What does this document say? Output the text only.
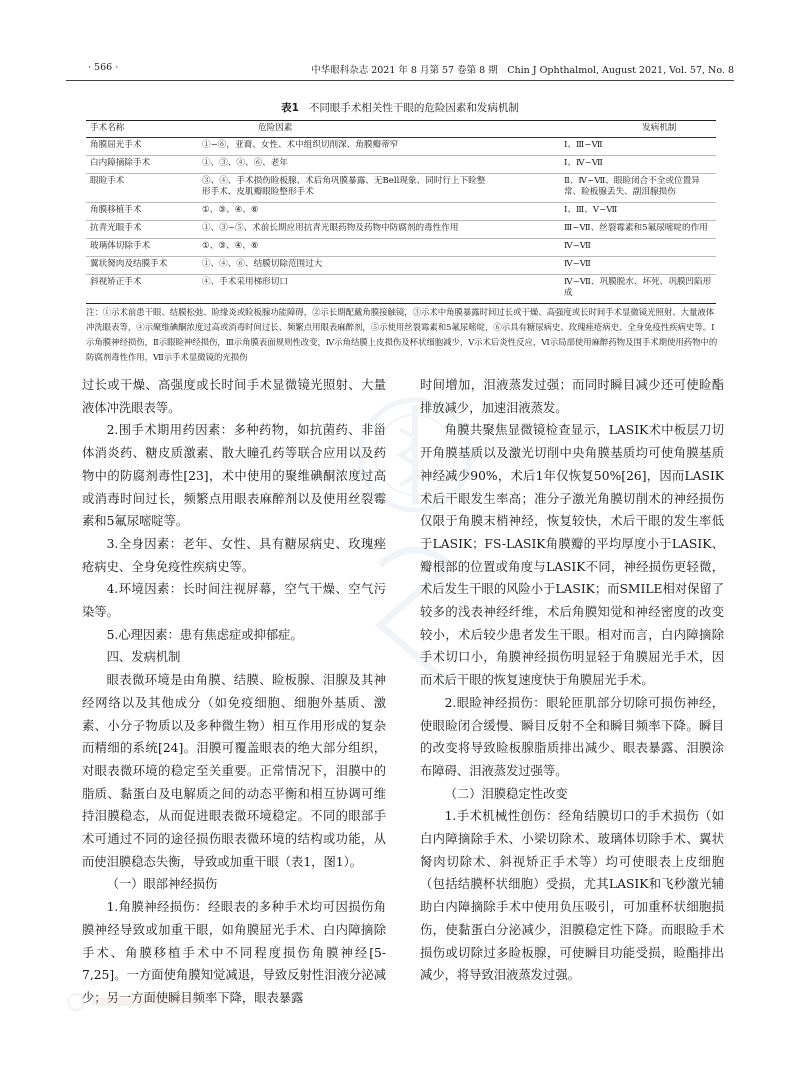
· 566 ·	中华眼科杂志 2021 年 8 月第 57 卷第 8 期　Chin J Ophthalmol, August 2021, Vol. 57, No. 8
表1 不同眼手术相关性干眼的危险因素和发病机制
手术名称	危险因素	发病机制
角膜屈光手术	①~⑥，亚裔、女性、术中组织切削深、角膜瓣蒂窄	Ⅰ、Ⅲ~Ⅶ
白内障摘除手术	①、③、④、⑥、老年	Ⅰ、Ⅳ~Ⅶ
眼睑手术	③、④、手术损伤睑板腺、术后角巩膜暴露、无Bell现象、同时行上下睑整形手术、皮肌瓣眼睑整形手术	Ⅱ、Ⅳ~Ⅶ、眼睑闭合不全或位置异常、睑板腺丢失、副泪腺损伤
角膜移植手术	①、③、④、⑥	Ⅰ、Ⅲ、Ⅴ~Ⅶ
抗青光眼手术	①、③~⑤、术前长期应用抗青光眼药物及药物中防腐剂的毒性作用	Ⅲ~Ⅶ、丝裂霉素和5氟尿嘧啶的作用
玻璃体切除手术	①、③、④、⑥	Ⅳ~Ⅶ
翼状胬肉及结膜手术	①、④、⑥、结膜切除范围过大	Ⅳ~Ⅶ
斜视矫正手术	④、手术采用梯形切口	Ⅳ~Ⅶ、巩膜脱水、坏死、巩膜凹陷形成
注：①示术前患干眼、结膜松弛、睑缘炎或睑板腺功能障碍，②示长期配戴角膜接触镜，③示术中角膜暴露时间过长或干燥、高强度或长时间手术显微镜光照射、大量液体冲洗眼表等，④示聚维碘酮浓度过高或消毒时间过长、频繁点用眼表麻醉剂，⑤示使用丝裂霉素和5氟尿嘧啶，⑥示具有糖尿病史、玫瑰痤疮病史、全身免疫性疾病史等。Ⅰ示角膜神经损伤，Ⅱ示眼睑神经损伤，Ⅲ示角膜表面规则性改变，Ⅳ示角结膜上皮损伤及杯状细胞减少，Ⅴ示术后炎性反应，Ⅵ示局部使用麻醉药物及围手术期使用药物中的防腐剂毒性作用，Ⅶ示手术显微镜的光损伤

过长或干燥、高强度或长时间手术显微镜光照射、大量液体冲洗眼表等。

2.围手术期用药因素：多种药物，如抗菌药、非甾体消炎药、糖皮质激素、散大瞳孔药等联合应用以及药物中的防腐剂毒性[23]，术中使用的聚维碘酮浓度过高或消毒时间过长，频繁点用眼表麻醉剂以及使用丝裂霉素和5氟尿嘧啶等。

3.全身因素：老年、女性、具有糖尿病史、玫瑰痤疮病史、全身免疫性疾病史等。

4.环境因素：长时间注视屏幕，空气干燥、空气污染等。

5.心理因素：患有焦虑症或抑郁症。

四、发病机制

眼表微环境是由角膜、结膜、睑板腺、泪腺及其神经网络以及其他成分（如免疫细胞、细胞外基质、激素、小分子物质以及多种微生物）相互作用形成的复杂而精细的系统[24]。泪膜可覆盖眼表的绝大部分组织，对眼表微环境的稳定至关重要。正常情况下，泪膜中的脂质、黏蛋白及电解质之间的动态平衡和相互协调可维持泪膜稳态，从而促进眼表微环境稳定。不同的眼部手术可通过不同的途径损伤眼表微环境的结构或功能，从而使泪膜稳态失衡，导致或加重干眼（表1，图1）。

（一）眼部神经损伤

1.角膜神经损伤：经眼表的多种手术均可因损伤角膜神经导致或加重干眼，如角膜屈光手术、白内障摘除手术、角膜移植手术中不同程度损伤角膜神经[5-7,25]。一方面使角膜知觉减退，导致反射性泪液分泌减少；另一方面使瞬目频率下降，眼表暴露

时间增加，泪液蒸发过强；而同时瞬目减少还可使睑酯排放减少，加速泪液蒸发。

角膜共聚焦显微镜检查显示，LASIK术中板层刀切开角膜基质以及激光切削中央角膜基质均可使角膜基质神经减少90%，术后1年仅恢复50%[26]，因而LASIK术后干眼发生率高；准分子激光角膜切削术的神经损伤仅限于角膜末梢神经，恢复较快，术后干眼的发生率低于LASIK；FS-LASIK角膜瓣的平均厚度小于LASIK、瓣根部的位置或角度与LASIK不同，神经损伤更轻微，术后发生干眼的风险小于LASIK；而SMILE相对保留了较多的浅表神经纤维，术后角膜知觉和神经密度的改变较小，术后较少患者发生干眼。相对而言，白内障摘除手术切口小，角膜神经损伤明显轻于角膜屈光手术，因而术后干眼的恢复速度快于角膜屈光手术。

2.眼睑神经损伤：眼轮匝肌部分切除可损伤神经，使眼睑闭合缓慢、瞬目反射不全和瞬目频率下降。瞬目的改变将导致睑板腺脂质排出减少、眼表暴露、泪膜涂布障碍、泪液蒸发过强等。

（二）泪膜稳定性改变

1.手术机械性创伤：经角结膜切口的手术损伤（如白内障摘除手术、小梁切除术、玻璃体切除手术、翼状胬肉切除术、斜视矫正手术等）均可使眼表上皮细胞（包括结膜杯状细胞）受损，尤其LASIK和飞秒激光辅助白内障摘除手术中使用负压吸引，可加重杯状细胞损伤，使黏蛋白分泌减少，泪膜稳定性下降。而眼睑手术损伤或切除过多睑板腺，可使瞬目功能受损，睑酯排出减少，将导致泪液蒸发过强。
